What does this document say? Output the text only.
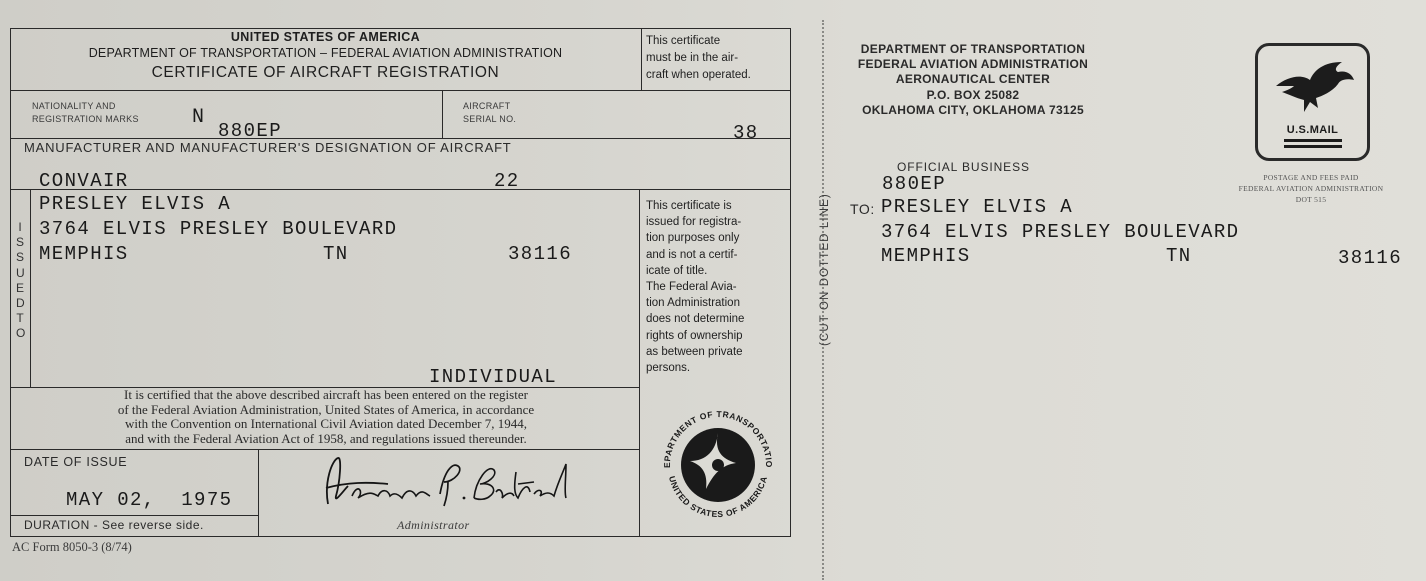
UNITED STATES OF AMERICA
DEPARTMENT OF TRANSPORTATION – FEDERAL AVIATION ADMINISTRATION
CERTIFICATE OF AIRCRAFT REGISTRATION
This certificate
must be in the air-
craft when operated.
NATIONALITY AND
REGISTRATION MARKS	N
880EP
AIRCRAFT
SERIAL NO.
38
MANUFACTURER AND MANUFACTURER'S DESIGNATION OF AIRCRAFT
CONVAIR	22
ISSUED TO
PRESLEY ELVIS A
3764 ELVIS PRESLEY BOULEVARD
MEMPHIS	TN	38116
INDIVIDUAL
This certificate is
issued for registra-
tion purposes only
and is not a certif-
icate of title.
The Federal Avia-
tion Administration
does not determine
rights of ownership
as between private
persons.
It is certified that the above described aircraft has been entered on the register
of the Federal Aviation Administration, United States of America, in accordance
with the Convention on International Civil Aviation dated December 7, 1944,
and with the Federal Aviation Act of 1958, and regulations issued thereunder.
DATE OF ISSUE
MAY 02,  1975
DURATION - See reverse side.	Administrator
EPARTMENT OF TRANSPORTATIO
UNITED STATES OF AMERICA
AC Form 8050-3 (8/74)
(CUT ON DOTTED LINE)
DEPARTMENT OF TRANSPORTATION
FEDERAL AVIATION ADMINISTRATION
AERONAUTICAL CENTER
P.O. BOX 25082
OKLAHOMA CITY, OKLAHOMA 73125
U.S.MAIL
POSTAGE AND FEES PAID
FEDERAL AVIATION ADMINISTRATION
DOT 515
OFFICIAL BUSINESS
880EP
TO: PRESLEY ELVIS A
3764 ELVIS PRESLEY BOULEVARD
MEMPHIS	TN	38116
